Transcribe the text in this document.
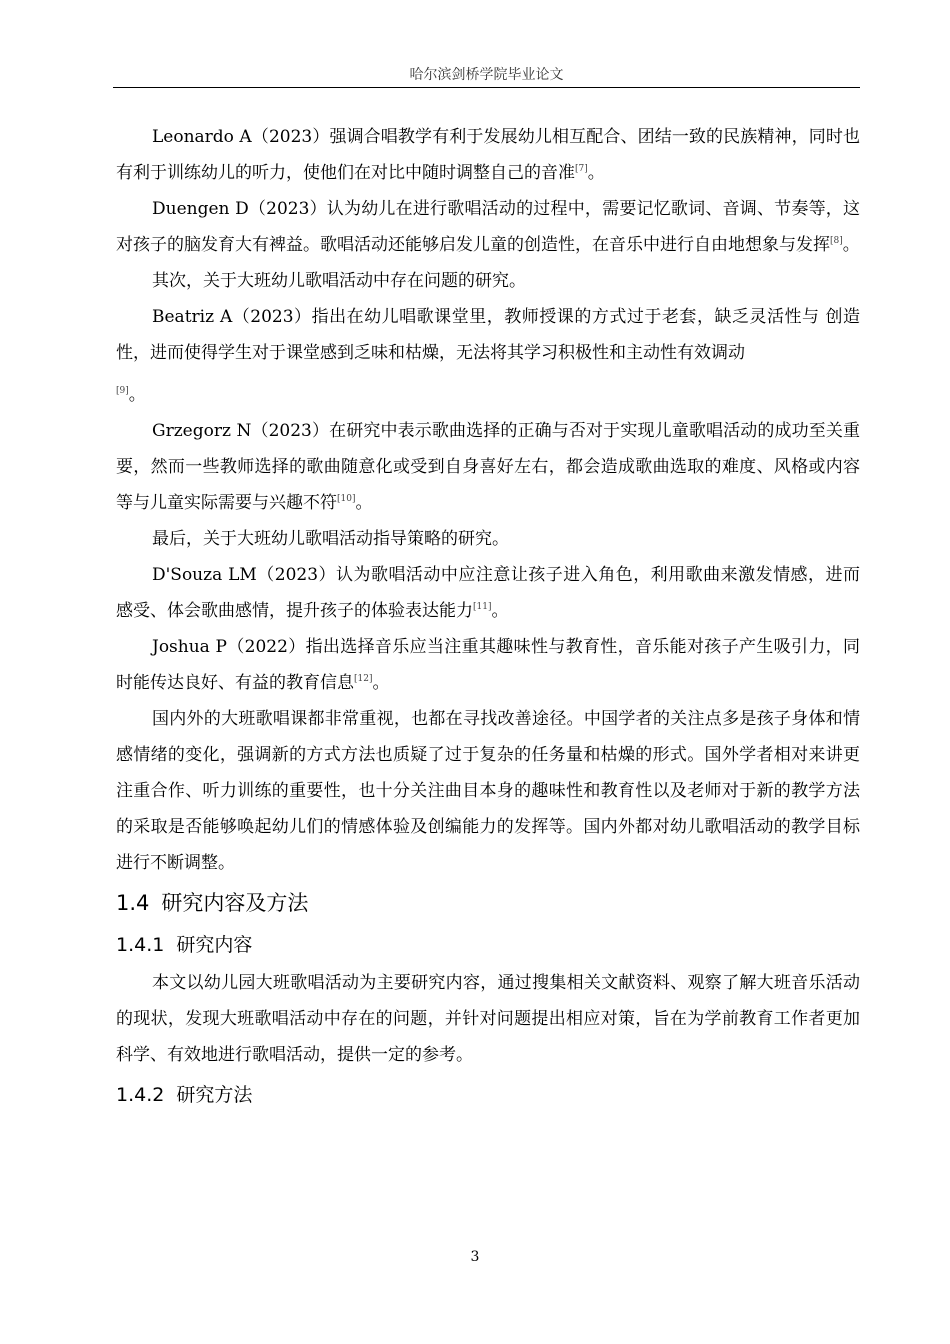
哈尔滨剑桥学院毕业论文

Leonardo A（2023）强调合唱教学有利于发展幼儿相互配合、团结一致的民族精神，同时也有利于训练幼儿的听力，使他们在对比中随时调整自己的音准[7]。

Duengen D（2023）认为幼儿在进行歌唱活动的过程中，需要记忆歌词、音调、节奏等，这对孩子的脑发育大有裨益。歌唱活动还能够启发儿童的创造性，在音乐中进行自由地想象与发挥[8]。

其次，关于大班幼儿歌唱活动中存在问题的研究。

Beatriz A（2023）指出在幼儿唱歌课堂里，教师授课的方式过于老套，缺乏灵活性与 创造性，进而使得学生对于课堂感到乏味和枯燥，无法将其学习积极性和主动性有效调动

[9]。

Grzegorz N（2023）在研究中表示歌曲选择的正确与否对于实现儿童歌唱活动的成功至关重要，然而一些教师选择的歌曲随意化或受到自身喜好左右，都会造成歌曲选取的难度、风格或内容等与儿童实际需要与兴趣不符[10]。

最后，关于大班幼儿歌唱活动指导策略的研究。

D'Souza LM（2023）认为歌唱活动中应注意让孩子进入角色，利用歌曲来激发情感，进而感受、体会歌曲感情，提升孩子的体验表达能力[11]。

Joshua P（2022）指出选择音乐应当注重其趣味性与教育性，音乐能对孩子产生吸引力，同时能传达良好、有益的教育信息[12]。

国内外的大班歌唱课都非常重视，也都在寻找改善途径。中国学者的关注点多是孩子身体和情感情绪的变化，强调新的方式方法也质疑了过于复杂的任务量和枯燥的形式。国外学者相对来讲更注重合作、听力训练的重要性，也十分关注曲目本身的趣味性和教育性以及老师对于新的教学方法的采取是否能够唤起幼儿们的情感体验及创编能力的发挥等。国内外都对幼儿歌唱活动的教学目标进行不断调整。

1.4 研究内容及方法
1.4.1 研究内容

本文以幼儿园大班歌唱活动为主要研究内容，通过搜集相关文献资料、观察了解大班音乐活动的现状，发现大班歌唱活动中存在的问题，并针对问题提出相应对策，旨在为学前教育工作者更加科学、有效地进行歌唱活动，提供一定的参考。

1.4.2 研究方法
3
